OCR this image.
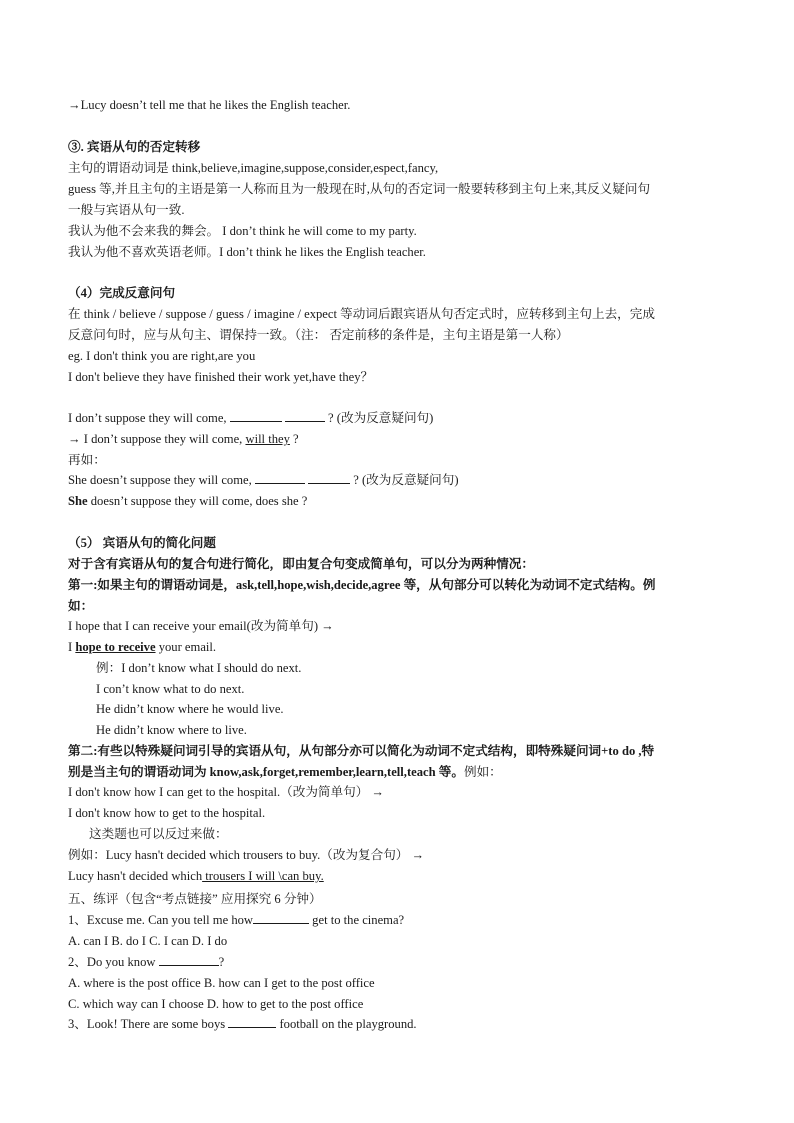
→Lucy doesn’t tell me that he likes the English teacher.
③. 宾语从句的否定转移
主句的谓语动词是 think,believe,imagine,suppose,consider,espect,fancy,
guess 等,并且主句的主语是第一人称而且为一般现在时,从句的否定词一般要转移到主句上来,其反义疑问句
一般与宾语从句一致.
我认为他不会来我的舞会。 I don’t think he will come to my party.
我认为他不喜欢英语老师。I don’t think he likes the English teacher.
（4）完成反意问句
在 think / believe / suppose / guess / imagine / expect 等动词后跟宾语从句否定式时，应转移到主句上去，完成
反意问句时，应与从句主、谓保持一致。（注： 否定前移的条件是，主句主语是第一人称）
eg. I don't think you are right,are you
I don't believe they have finished their work yet,have they？
I don’t suppose they will come,	? (改为反意疑问句)
→ I don’t suppose they will come, will they ?
再如：
She doesn’t suppose they will come,	? (改为反意疑问句)
She doesn’t suppose they will come, does she ?
（5） 宾语从句的简化问题
对于含有宾语从句的复合句进行简化，即由复合句变成简单句，可以分为两种情况：
第一:如果主句的谓语动词是，ask,tell,hope,wish,decide,agree 等，从句部分可以转化为动词不定式结构。例
如：
I hope that I can receive your email(改为简单句) →
I hope to receive your email.
例：I don’t know what I should do next.
I con’t know what to do next.
He didn’t know where he would live.
He didn’t know where to live.
第二:有些以特殊疑问词引导的宾语从句，从句部分亦可以简化为动词不定式结构，即特殊疑问词+to do ,特
别是当主句的谓语动词为 know,ask,forget,remember,learn,tell,teach 等。例如：
I don't know how I can get to the hospital.（改为简单句） →
I don't know how to get to the hospital.
这类题也可以反过来做：
例如：Lucy hasn't decided which trousers to buy.（改为复合句） →
Lucy hasn't decided which trousers I will \can buy.
五、练评（包含“考点链接” 应用探究 6 分钟）
1、Excuse me. Can you tell me how	get to the cinema?
A. can I B. do I C. I can D. I do
2、Do you know	?
A. where is the post office B. how can I get to the post office
C. which way can I choose D. how to get to the post office
3、Look! There are some boys	football on the playground.
